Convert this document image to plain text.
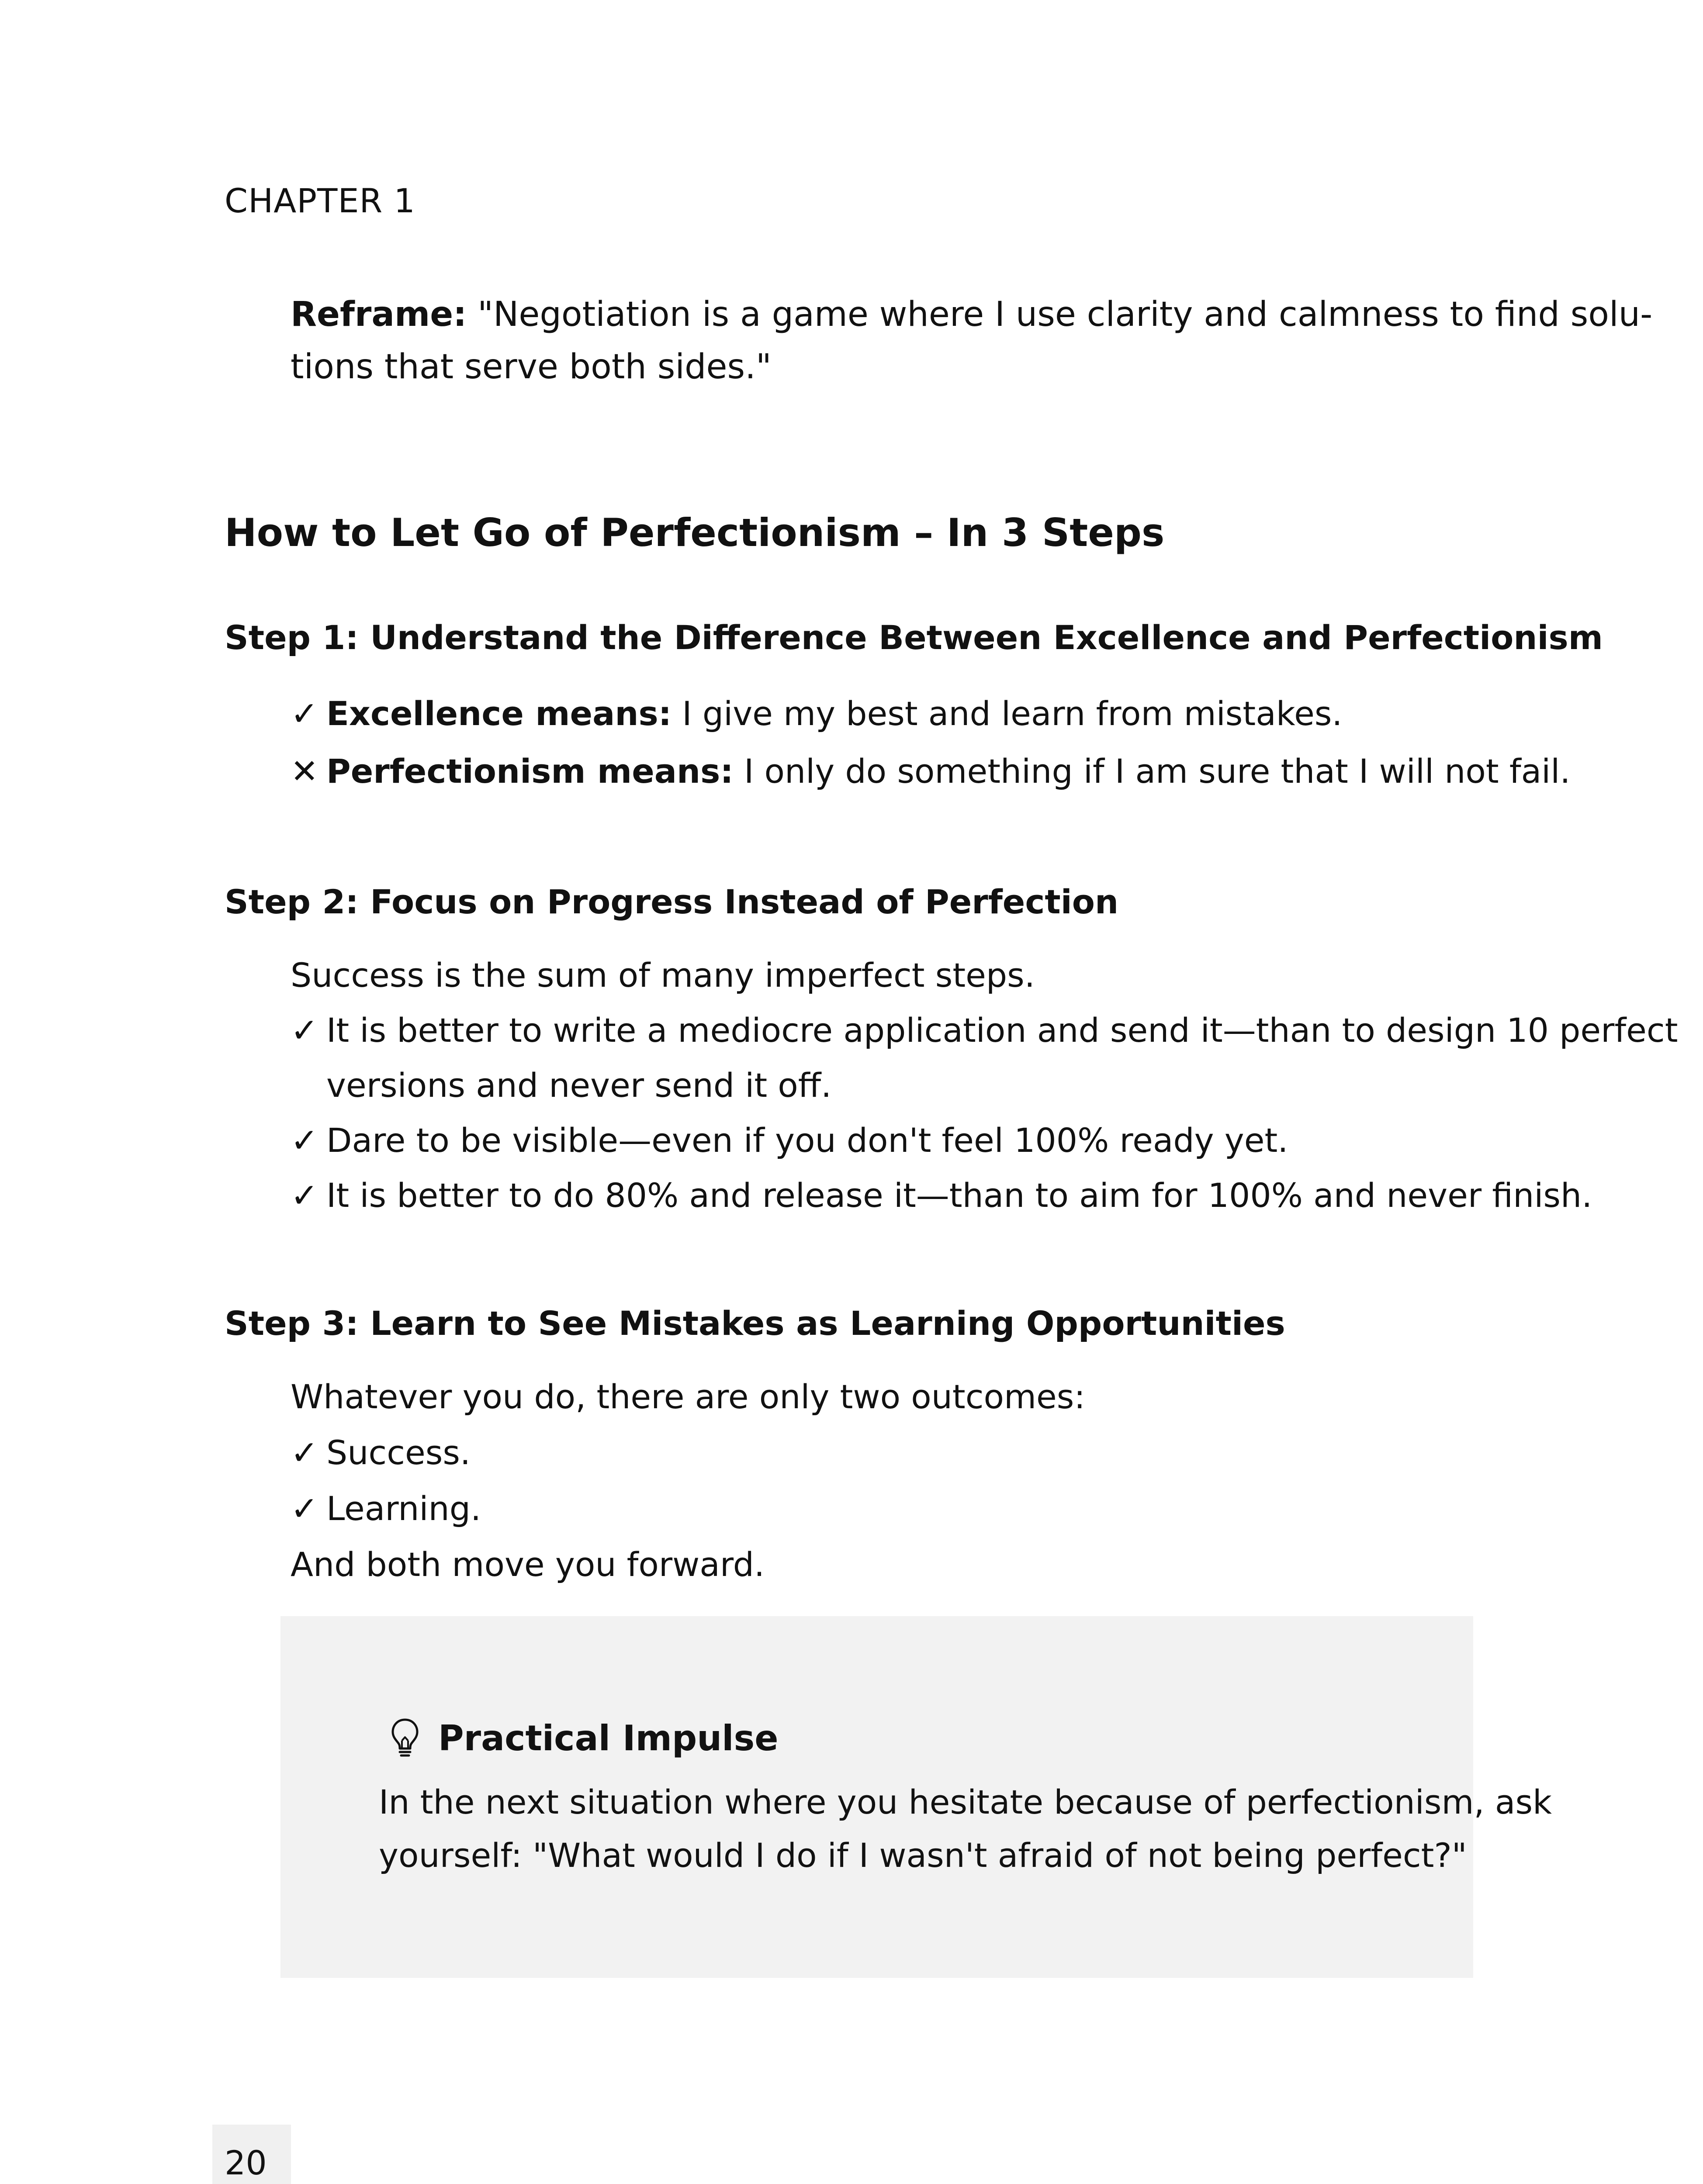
CHAPTER 1
Reframe: "Negotiation is a game where I use clarity and calmness to find solu-
tions that serve both sides."
How to Let Go of Perfectionism – In 3 Steps
Step 1: Understand the Difference Between Excellence and Perfectionism
✓ Excellence means: I give my best and learn from mistakes.
✕ Perfectionism means: I only do something if I am sure that I will not fail.
Step 2: Focus on Progress Instead of Perfection
Success is the sum of many imperfect steps.
✓ It is better to write a mediocre application and send it—than to design 10 perfect
versions and never send it off.
✓ Dare to be visible—even if you don't feel 100% ready yet.
✓ It is better to do 80% and release it—than to aim for 100% and never finish.
Step 3: Learn to See Mistakes as Learning Opportunities
Whatever you do, there are only two outcomes:
✓ Success.
✓ Learning.
And both move you forward.
Practical Impulse
In the next situation where you hesitate because of perfectionism, ask
yourself: "What would I do if I wasn't afraid of not being perfect?"
20
